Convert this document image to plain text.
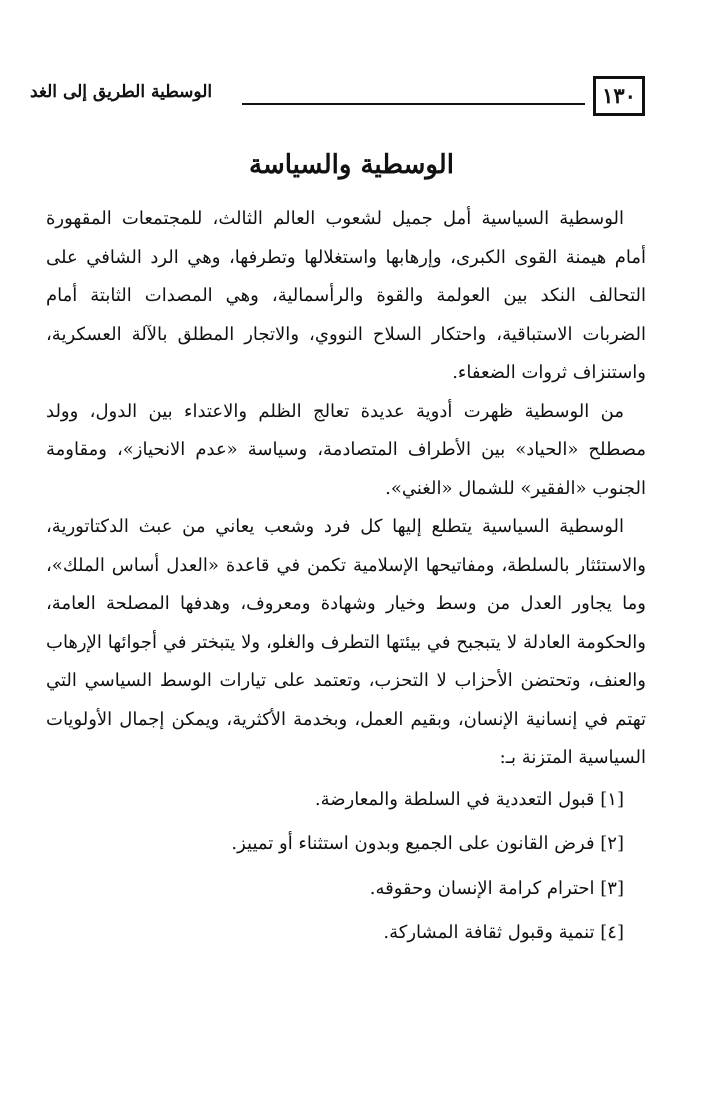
١٣٠
الوسطية الطريق إلى الغد
الوسطية والسياسة

الوسطية السياسية أمل جميل لشعوب العالم الثالث، للمجتمعات المقهورة أمام هيمنة القوى الكبرى، وإرهابها واستغلالها وتطرفها، وهي الرد الشافي على التحالف النكد بين العولمة والقوة والرأسمالية، وهي المصدات الثابتة أمام الضربات الاستباقية، واحتكار السلاح النووي، والاتجار المطلق بالآلة العسكرية، واستنزاف ثروات الضعفاء.

من الوسطية ظهرت أدوية عديدة تعالج الظلم والاعتداء بين الدول، وولد مصطلح «الحياد» بين الأطراف المتصادمة، وسياسة «عدم الانحياز»، ومقاومة الجنوب «الفقير» للشمال «الغني».

الوسطية السياسية يتطلع إليها كل فرد وشعب يعاني من عبث الدكتاتورية، والاستئثار بالسلطة، ومفاتيحها الإسلامية تكمن في قاعدة «العدل أساس الملك»، وما يجاور العدل من وسط وخيار وشهادة ومعروف، وهدفها المصلحة العامة، والحكومة العادلة لا يتبجبح في بيئتها التطرف والغلو، ولا يتبختر في أجوائها الإرهاب والعنف، وتحتضن الأحزاب لا التحزب، وتعتمد على تيارات الوسط السياسي التي تهتم في إنسانية الإنسان، وبقيم العمل، وبخدمة الأكثرية، ويمكن إجمال الأولويات السياسية المتزنة بـ:

[١] قبول التعددية في السلطة والمعارضة.
[٢] فرض القانون على الجميع وبدون استثناء أو تمييز.
[٣] احترام كرامة الإنسان وحقوقه.
[٤] تنمية وقبول ثقافة المشاركة.
